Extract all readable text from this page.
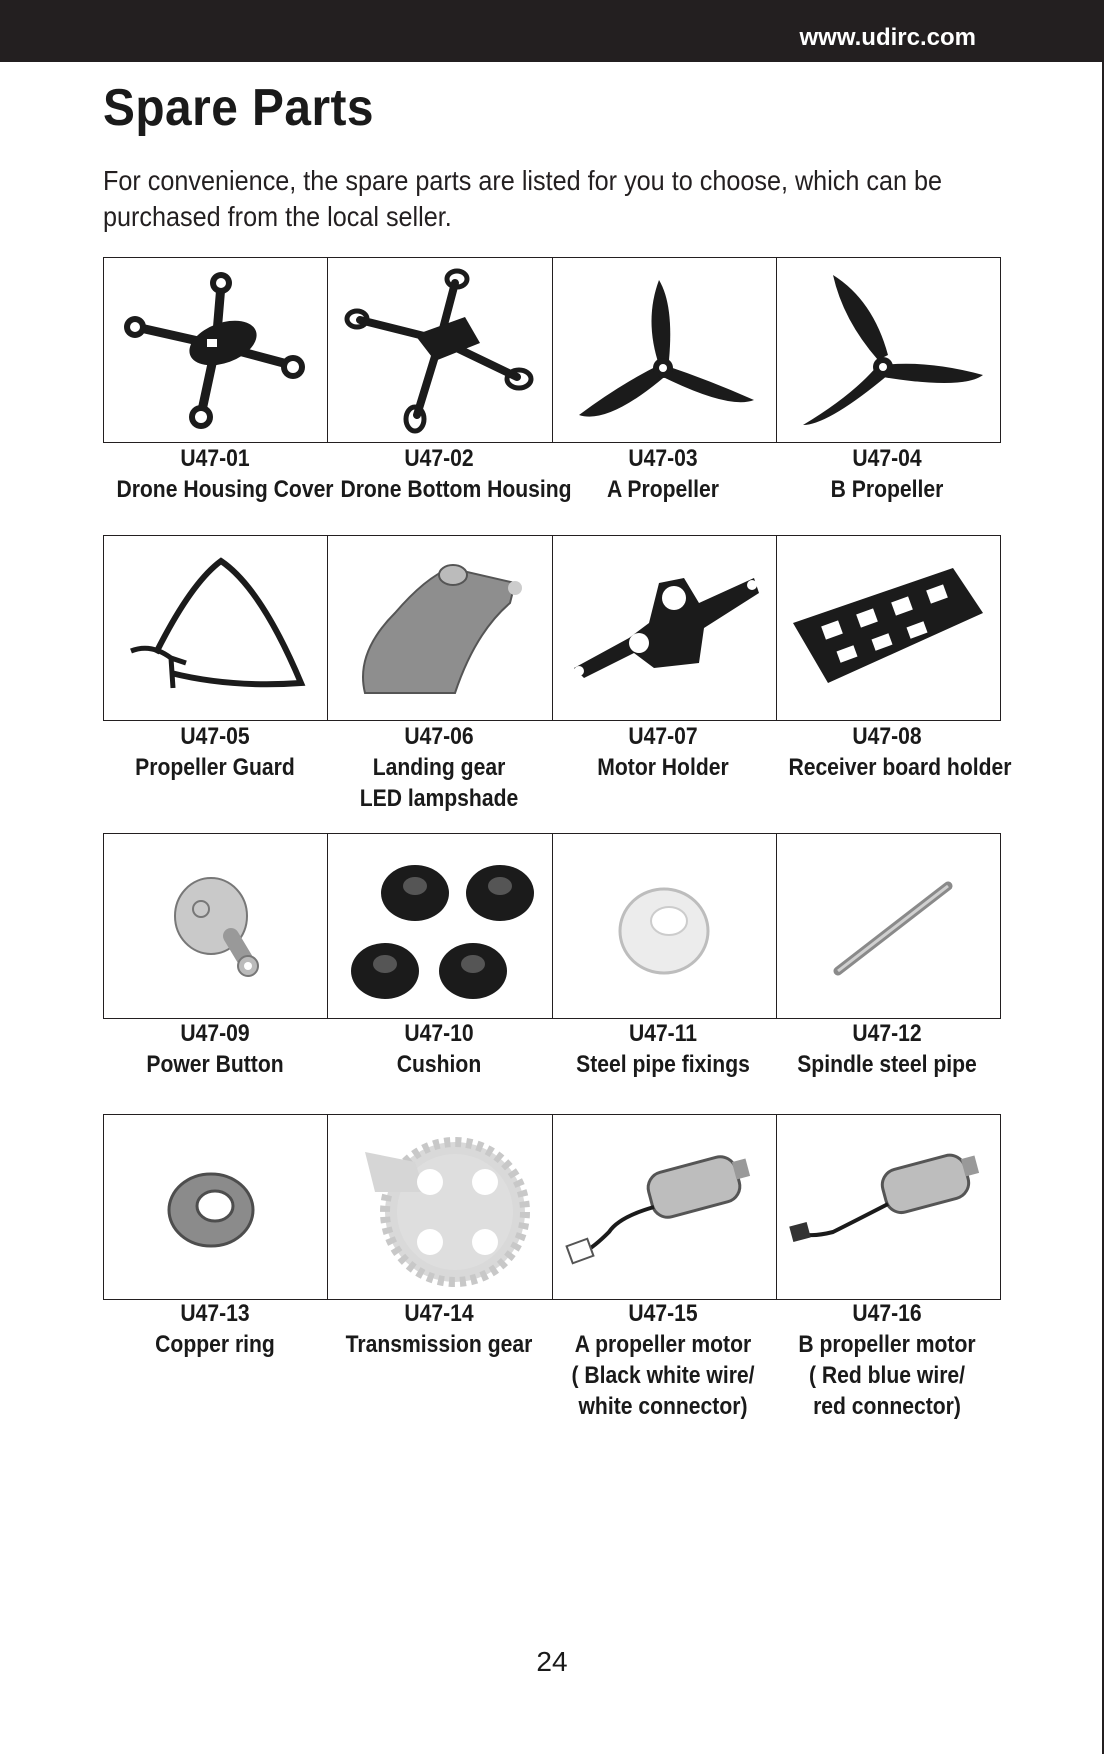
www.udirc.com
Spare Parts
For convenience, the spare parts are listed for you to choose, which can be
purchased from the local seller.
U47-01
Drone Housing Cover
U47-02
Drone Bottom Housing
U47-03
A Propeller
U47-04
B Propeller
U47-05
Propeller Guard
U47-06
Landing gear
LED lampshade
U47-07
Motor Holder
U47-08
Receiver board holder
U47-09
Power Button
U47-10
Cushion
U47-11
Steel pipe fixings
U47-12
Spindle steel pipe
U47-13
Copper ring
U47-14
Transmission gear
U47-15
A propeller motor
( Black white wire/
white connector)
U47-16
B propeller motor
( Red blue wire/
red connector)
24
